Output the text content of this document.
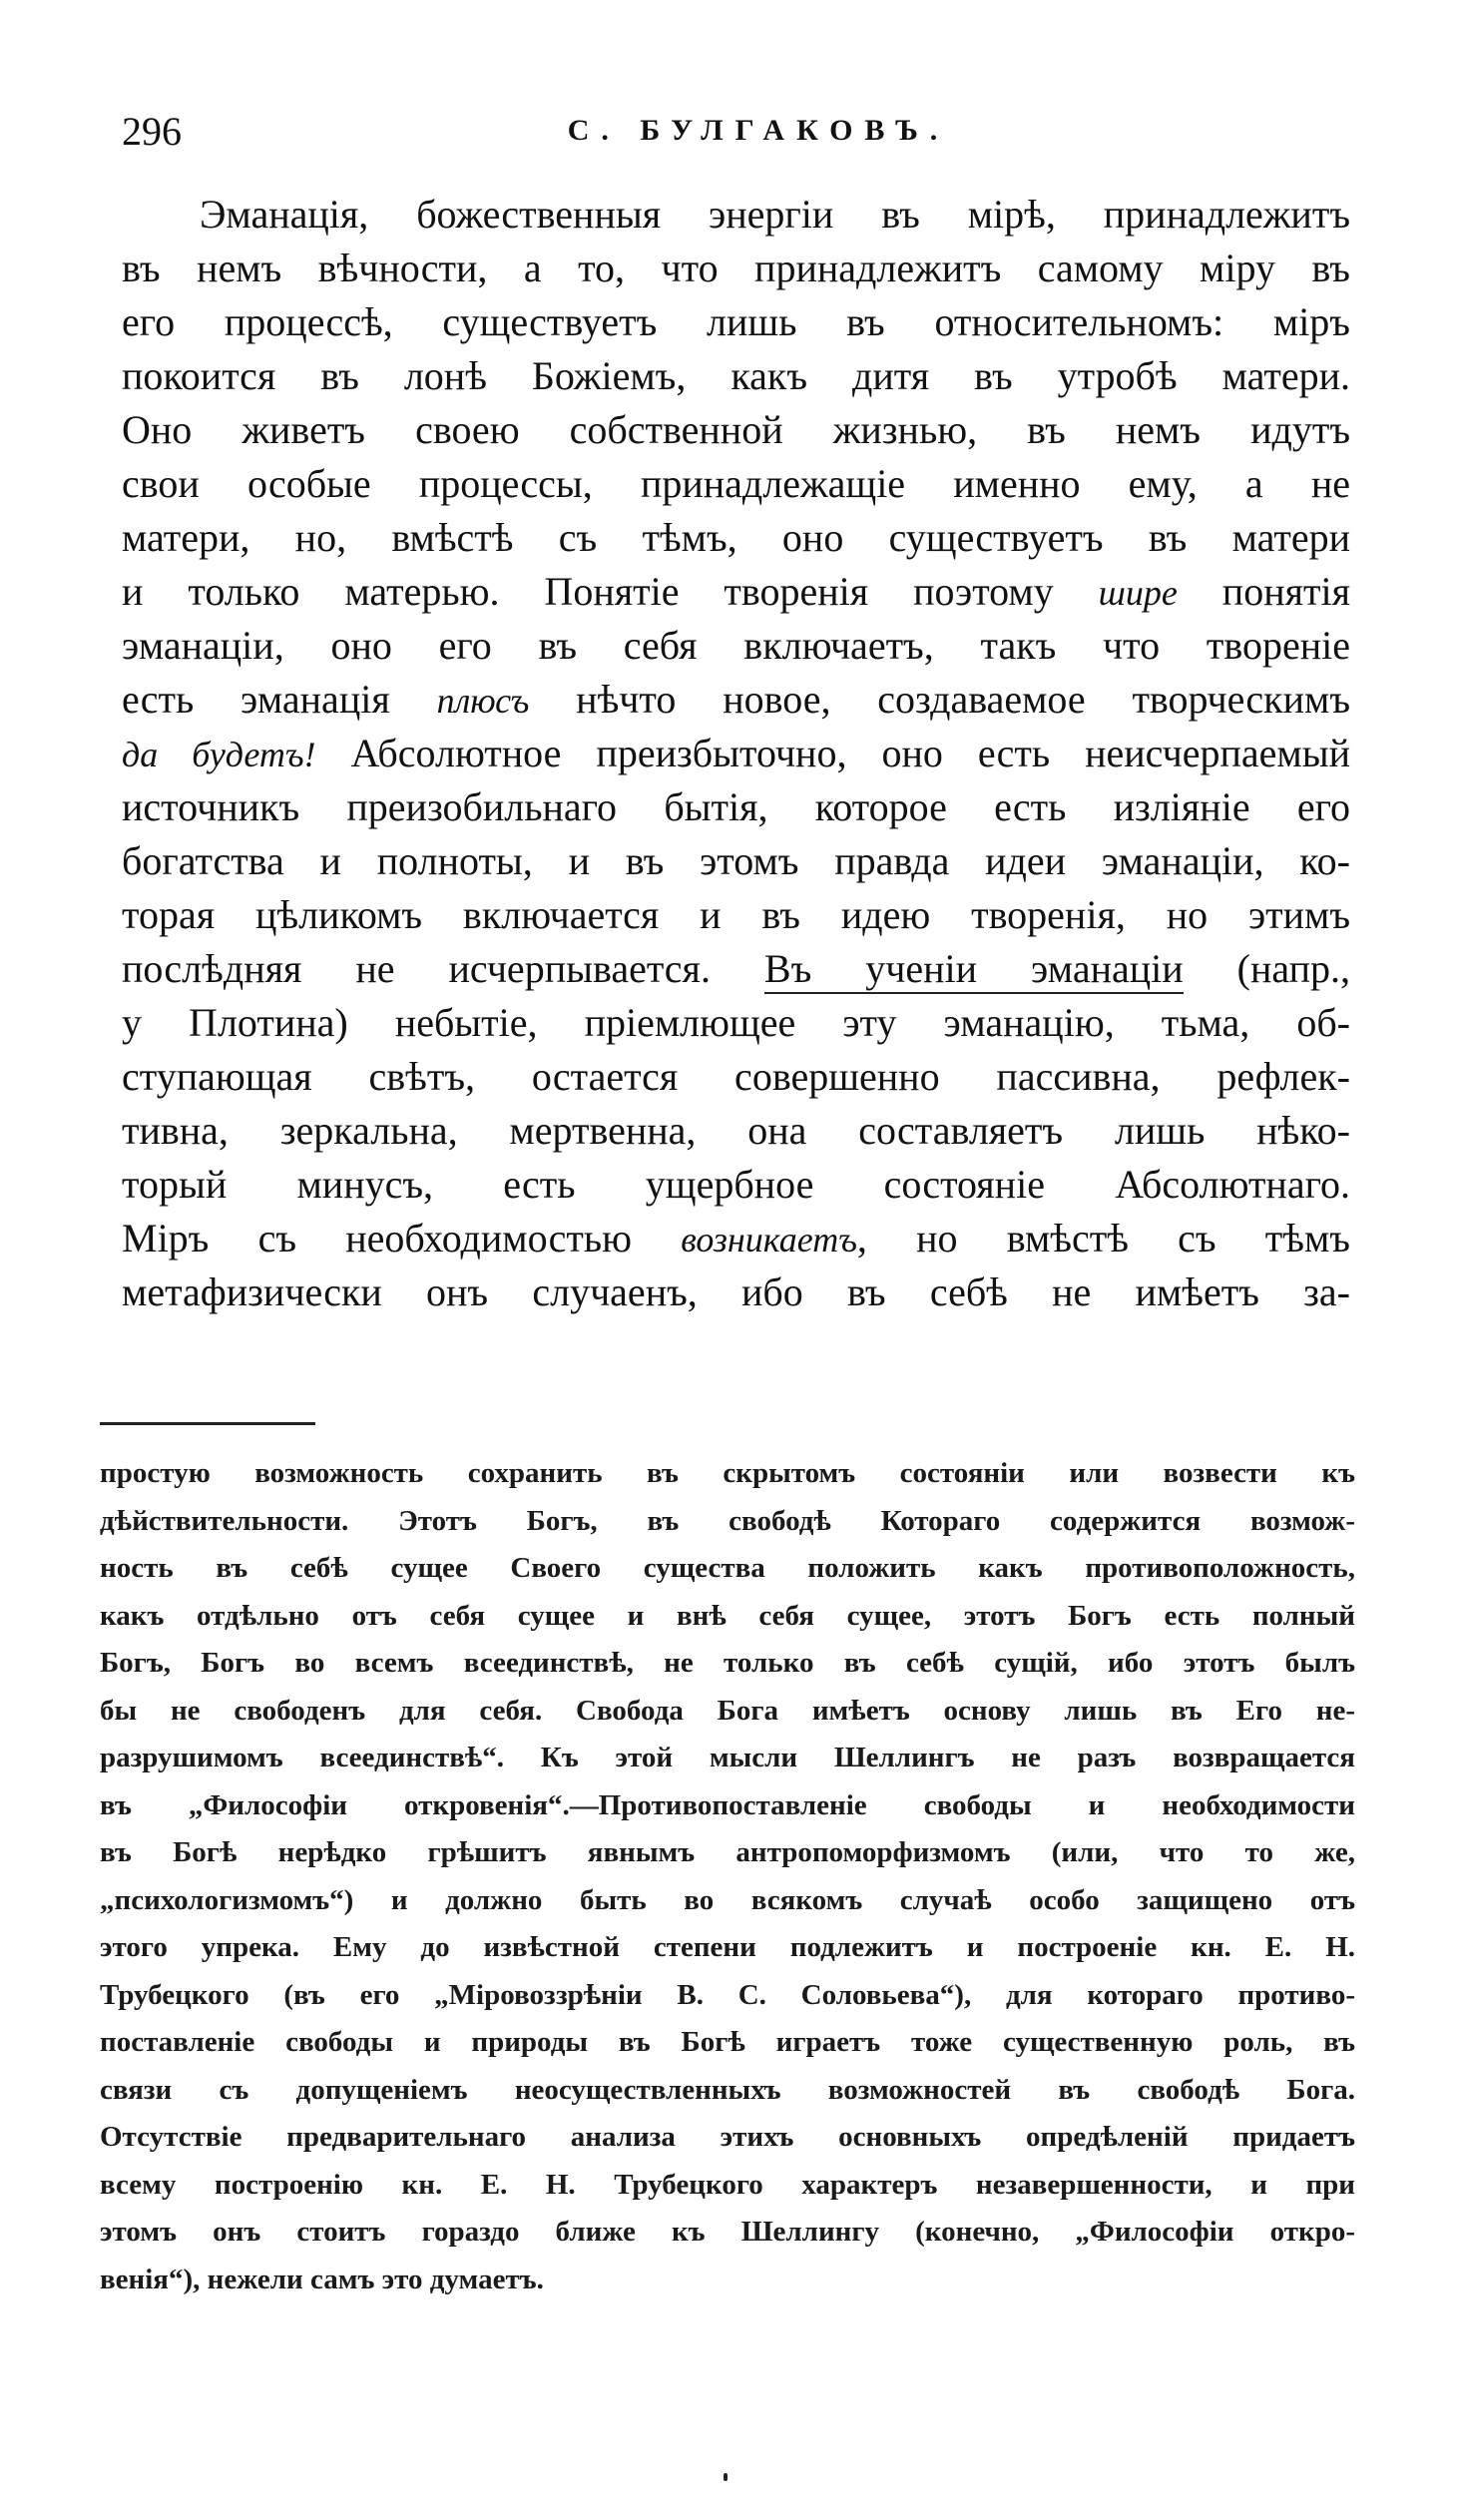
296	С. БУЛГАКОВЪ.
Эманація, божественныя энергіи въ мірѣ, принадлежитъ
въ немъ вѣчности, а то, что принадлежитъ самому міру въ
его процессѣ, существуетъ лишь въ относительномъ: міръ
покоится въ лонѣ Божіемъ, какъ дитя въ утробѣ матери.
Оно живетъ своею собственной жизнью, въ немъ идутъ
свои особые процессы, принадлежащіе именно ему, а не
матери, но, вмѣстѣ съ тѣмъ, оно существуетъ въ матери
и только матерью. Понятіе творенія поэтому шире понятія
эманаціи, оно его въ себя включаетъ, такъ что твореніе
есть эманація плюсъ нѣчто новое, создаваемое творческимъ
да будетъ! Абсолютное преизбыточно, оно есть неисчерпаемый
источникъ преизобильнаго бытія, которое есть изліяніе его
богатства и полноты, и въ этомъ правда идеи эманаціи, ко-
торая цѣликомъ включается и въ идею творенія, но этимъ
послѣдняя не исчерпывается. Въ ученіи эманаціи (напр.,
у Плотина) небытіе, пріемлющее эту эманацію, тьма, об-
ступающая свѣтъ, остается совершенно пассивна, рефлек-
тивна, зеркальна, мертвенна, она составляетъ лишь нѣко-
торый минусъ, есть ущербное состояніе Абсолютнаго.
Міръ съ необходимостью возникаетъ, но вмѣстѣ съ тѣмъ
метафизически онъ случаенъ, ибо въ себѣ не имѣетъ за-
простую возможность сохранить въ скрытомъ состояніи или возвести къ
дѣйствительности. Этотъ Богъ, въ свободѣ Котораго содержится возмож-
ность въ себѣ сущее Своего существа положить какъ противоположность,
какъ отдѣльно отъ себя сущее и внѣ себя сущее, этотъ Богъ есть полный
Богъ, Богъ во всемъ всеединствѣ, не только въ себѣ сущій, ибо этотъ былъ
бы не свободенъ для себя. Свобода Бога имѣетъ основу лишь въ Его не-
разрушимомъ всеединствѣ“. Къ этой мысли Шеллингъ не разъ возвращается
въ „Философіи откровенія“.—Противопоставленіе свободы и необходимости
въ Богѣ нерѣдко грѣшитъ явнымъ антропоморфизмомъ (или, что то же,
„психологизмомъ“) и должно быть во всякомъ случаѣ особо защищено отъ
этого упрека. Ему до извѣстной степени подлежитъ и построеніе кн. Е. Н.
Трубецкого (въ его „Міровоззрѣніи В. С. Соловьева“), для котораго противо-
поставленіе свободы и природы въ Богѣ играетъ тоже существенную роль, въ
связи съ допущеніемъ неосуществленныхъ возможностей въ свободѣ Бога.
Отсутствіе предварительнаго анализа этихъ основныхъ опредѣленій придаетъ
всему построенію кн. Е. Н. Трубецкого характеръ незавершенности, и при
этомъ онъ стоитъ гораздо ближе къ Шеллингу (конечно, „Философіи откро-
венія“), нежели самъ это думаетъ.
